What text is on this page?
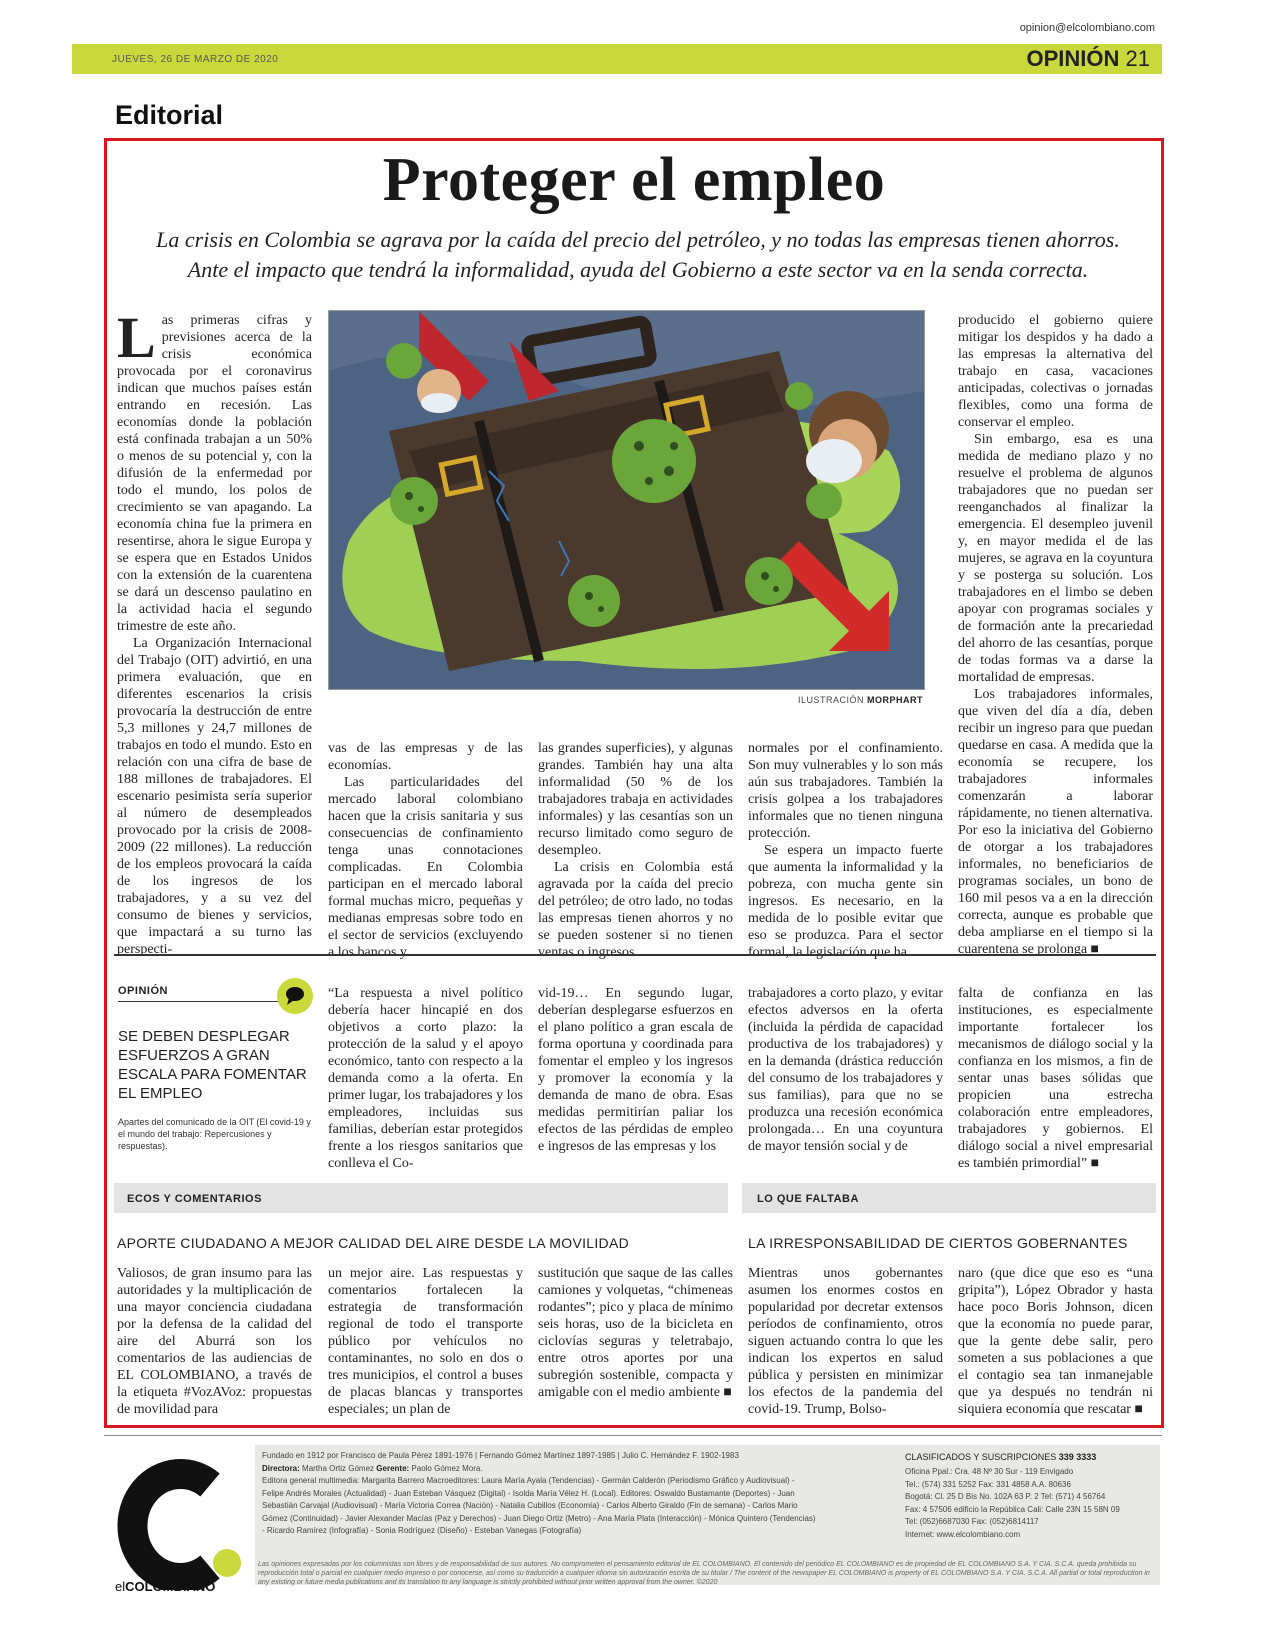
opinion@elcolombiano.com
JUEVES, 26 DE MARZO DE 2020	OPINIÓN 21
Editorial
Proteger el empleo
La crisis en Colombia se agrava por la caída del precio del petróleo, y no todas las empresas tienen ahorros.
Ante el impacto que tendrá la informalidad, ayuda del Gobierno a este sector va en la senda correcta.

Las primeras cifras y previsiones acerca de la crisis económica provocada por el coronavirus indican que muchos países están entrando en recesión. Las economías donde la población está confinada trabajan a un 50% o menos de su potencial y, con la difusión de la enfermedad por todo el mundo, los polos de crecimiento se van apagando. La economía china fue la primera en resentirse, ahora le sigue Europa y se espera que en Estados Unidos con la extensión de la cuarentena se dará un descenso paulatino en la actividad hacia el segundo trimestre de este año.

La Organización Internacional del Trabajo (OIT) advirtió, en una primera evaluación, que en diferentes escenarios la crisis provocaría la destrucción de entre 5,3 millones y 24,7 millones de trabajos en todo el mundo. Esto en relación con una cifra de base de 188 millones de trabajadores. El escenario pesimista sería superior al número de desempleados provocado por la crisis de 2008-2009 (22 millones). La reducción de los empleos provocará la caída de los ingresos de los trabajadores, y a su vez del consumo de bienes y servicios, que impactará a su turno las perspecti-

ILUSTRACIÓN MORPHART

vas de las empresas y de las economías.

Las particularidades del mercado laboral colombiano hacen que la crisis sanitaria y sus consecuencias de confinamiento tenga unas connotaciones complicadas. En Colombia participan en el mercado laboral formal muchas micro, pequeñas y medianas empresas sobre todo en el sector de servicios (excluyendo a los bancos y

las grandes superficies), y algunas grandes. También hay una alta informalidad (50 % de los trabajadores trabaja en actividades informales) y las cesantías son un recurso limitado como seguro de desempleo.

La crisis en Colombia está agravada por la caída del precio del petróleo; de otro lado, no todas las empresas tienen ahorros y no se pueden sostener si no tienen ventas o ingresos

normales por el confinamiento. Son muy vulnerables y lo son más aún sus trabajadores. También la crisis golpea a los trabajadores informales que no tienen ninguna protección.

Se espera un impacto fuerte que aumenta la informalidad y la pobreza, con mucha gente sin ingresos. Es necesario, en la medida de lo posible evitar que eso se produzca. Para el sector formal, la legislación que ha

producido el gobierno quiere mitigar los despidos y ha dado a las empresas la alternativa del trabajo en casa, vacaciones anticipadas, colectivas o jornadas flexibles, como una forma de conservar el empleo.

Sin embargo, esa es una medida de mediano plazo y no resuelve el problema de algunos trabajadores que no puedan ser reenganchados al finalizar la emergencia. El desempleo juvenil y, en mayor medida el de las mujeres, se agrava en la coyuntura y se posterga su solución. Los trabajadores en el limbo se deben apoyar con programas sociales y de formación ante la precariedad del ahorro de las cesantías, porque de todas formas va a darse la mortalidad de empresas.

Los trabajadores informales, que viven del día a día, deben recibir un ingreso para que puedan quedarse en casa. A medida que la economía se recupere, los trabajadores informales comenzarán a laborar rápidamente, no tienen alternativa. Por eso la iniciativa del Gobierno de otorgar a los trabajadores informales, no beneficiarios de programas sociales, un bono de 160 mil pesos va a en la dirección correcta, aunque es probable que deba ampliarse en el tiempo si la cuarentena se prolonga ■

OPINIÓN
SE DEBEN DESPLEGAR ESFUERZOS A GRAN ESCALA PARA FOMENTAR EL EMPLEO
Apartes del comunicado de la OIT (El covid-19 y el mundo del trabajo: Repercusiones y respuestas).
“La respuesta a nivel político debería hacer hincapié en dos objetivos a corto plazo: la protección de la salud y el apoyo económico, tanto con respecto a la demanda como a la oferta. En primer lugar, los trabajadores y los empleadores, incluidas sus familias, deberían estar protegidos frente a los riesgos sanitarios que conlleva el Co-
vid-19… En segundo lugar, deberían desplegarse esfuerzos en el plano político a gran escala de forma oportuna y coordinada para fomentar el empleo y los ingresos y promover la economía y la demanda de mano de obra. Esas medidas permitirían paliar los efectos de las pérdidas de empleo e ingresos de las empresas y los
trabajadores a corto plazo, y evitar efectos adversos en la oferta (incluida la pérdida de capacidad productiva de los trabajadores) y en la demanda (drástica reducción del consumo de los trabajadores y sus familias), para que no se produzca una recesión económica prolongada… En una coyuntura de mayor tensión social y de
falta de confianza en las instituciones, es especialmente importante fortalecer los mecanismos de diálogo social y la confianza en los mismos, a fin de sentar unas bases sólidas que propicien una estrecha colaboración entre empleadores, trabajadores y gobiernos. El diálogo social a nivel empresarial es también primordial” ■
ECOS Y COMENTARIOS
APORTE CIUDADANO A MEJOR CALIDAD DEL AIRE DESDE LA MOVILIDAD
Valiosos, de gran insumo para las autoridades y la multiplicación de una mayor conciencia ciudadana por la defensa de la calidad del aire del Aburrá son los comentarios de las audiencias de EL COLOMBIANO, a través de la etiqueta #VozAVoz: propuestas de movilidad para
un mejor aire. Las respuestas y comentarios fortalecen la estrategia de transformación regional de todo el transporte público por vehículos no contaminantes, no solo en dos o tres municipios, el control a buses de placas blancas y transportes especiales; un plan de
sustitución que saque de las calles camiones y volquetas, “chimeneas rodantes”; pico y placa de mínimo seis horas, uso de la bicicleta en ciclovías seguras y teletrabajo, entre otros aportes por una subregión sostenible, compacta y amigable con el medio ambiente ■
LO QUE FALTABA
LA IRRESPONSABILIDAD DE CIERTOS GOBERNANTES
Mientras unos gobernantes asumen los enormes costos en popularidad por decretar extensos períodos de confinamiento, otros siguen actuando contra lo que les indican los expertos en salud pública y persisten en minimizar los efectos de la pandemia del covid-19. Trump, Bolso-
naro (que dice que eso es “una gripita”), López Obrador y hasta hace poco Boris Johnson, dicen que la economía no puede parar, que la gente debe salir, pero someten a sus poblaciones a que el contagio sea tan inmanejable que ya después no tendrán ni siquiera economía que rescatar ■
elCOLOMBIANO
Fundado en 1912 por Francisco de Paula Pérez 1891-1976 | Fernando Gómez Martínez 1897-1985 | Julio C. Hernández F. 1902-1983
Directora: Martha Ortiz Gómez Gerente: Paolo Gómez Mora.
Editora general multimedia: Margarita Barrero Macroeditores: Laura María Ayala (Tendencias) - Germán Calderón (Periodismo Gráfico y Audiovisual) -
Felipe Andrés Morales (Actualidad) - Juan Esteban Vásquez (Digital) - Isolda María Vélez H. (Local). Editores: Oswaldo Bustamante (Deportes) - Juan
Sebastián Carvajal (Audiovisual) - María Victoria Correa (Nación) - Natalia Cubillos (Economía) - Carlos Alberto Giraldo (Fin de semana) - Carlos Mario
Gómez (Continuidad) - Javier Alexander Macías (Paz y Derechos) - Juan Diego Ortiz (Metro) - Ana María Plata (Interacción) - Mónica Quintero (Tendencias)
- Ricardo Ramírez (Infografía) - Sonia Rodríguez (Diseño) - Esteban Vanegas (Fotografía)
CLASIFICADOS Y SUSCRIPCIONES 339 3333
Oficina Ppal.: Cra. 48 Nº 30 Sur - 119 Envigado
Tel.: (574) 331 5252 Fax: 331 4858 A.A. 80636
Bogotá: Cl. 25 D Bis No. 102A 63 P. 2 Tel: (571) 4 56764
Fax: 4 57506 edificio la República Cali: Calle 23N 15 58N 09
Tel: (052)6687030 Fax: (052)6814117
Internet: www.elcolombiano.com
Las opiniones expresadas por los columnistas son libres y de responsabilidad de sus autores. No comprometen el pensamiento editorial de EL COLOMBIANO. El contenido del periódico EL COLOMBIANO es de propiedad de EL COLOMBIANO S.A. Y CIA. S.C.A. queda prohibida su reproducción total o parcial en cualquier medio impreso o por conocerse, así como su traducción a cualquier idioma sin autorización escrita de su titular / The content of the newspaper EL COLOMBIANO is property of EL COLOMBIANO S.A. Y CIA. S.C.A. All partial or total reproduction in any existing or future media publications and its translation to any language is strictly prohibited without prior written approval from the owner. ©2020
